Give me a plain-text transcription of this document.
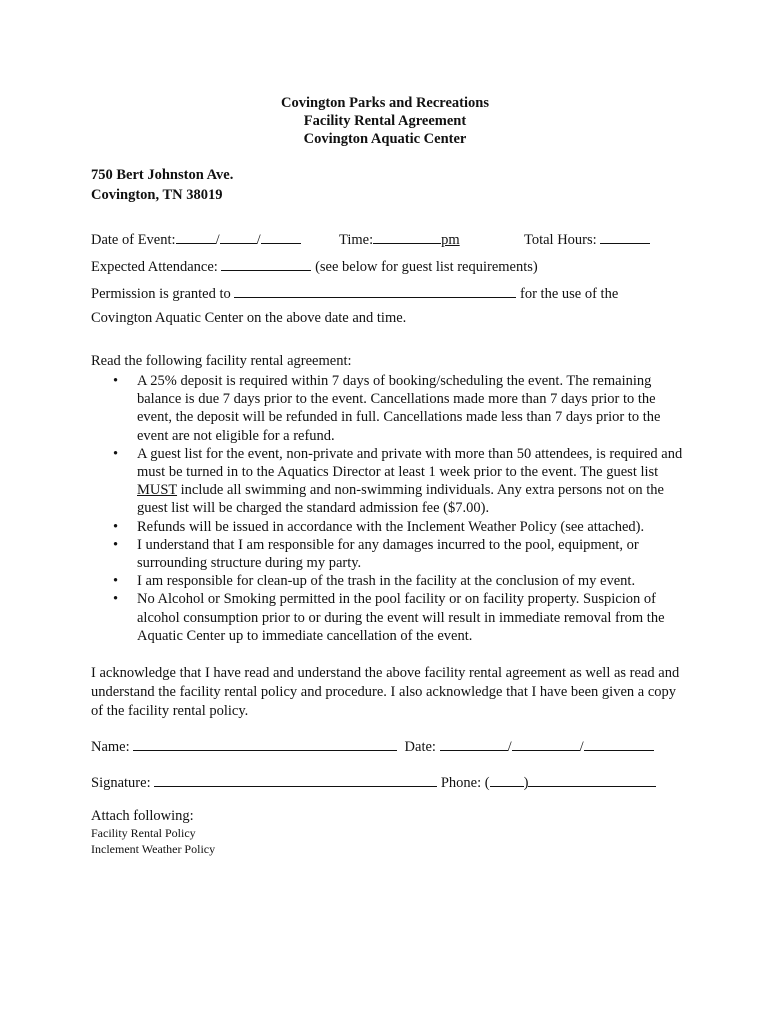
Covington Parks and Recreations
Facility Rental Agreement
Covington Aquatic Center
750 Bert Johnston Ave.
Covington, TN 38019
Date of Event:	/	/	Time:	pm	Total Hours:
Expected Attendance:	(see below for guest list requirements)
Permission is granted to	for the use of the
Covington Aquatic Center on the above date and time.
Read the following facility rental agreement:
• A 25% deposit is required within 7 days of booking/scheduling the event. The remaining balance is due 7 days prior to the event. Cancellations made more than 7 days prior to the event, the deposit will be refunded in full. Cancellations made less than 7 days prior to the event are not eligible for a refund.
• A guest list for the event, non-private and private with more than 50 attendees, is required and must be turned in to the Aquatics Director at least 1 week prior to the event. The guest list MUST include all swimming and non-swimming individuals. Any extra persons not on the guest list will be charged the standard admission fee ($7.00).
• Refunds will be issued in accordance with the Inclement Weather Policy (see attached).
• I understand that I am responsible for any damages incurred to the pool, equipment, or surrounding structure during my party.
• I am responsible for clean-up of the trash in the facility at the conclusion of my event.
• No Alcohol or Smoking permitted in the pool facility or on facility property. Suspicion of alcohol consumption prior to or during the event will result in immediate removal from the Aquatic Center up to immediate cancellation of the event.
I acknowledge that I have read and understand the above facility rental agreement as well as read and understand the facility rental policy and procedure. I also acknowledge that I have been given a copy of the facility rental policy.
Name:	Date:	/	/
Signature:	Phone: ( )
Attach following:
Facility Rental Policy
Inclement Weather Policy
